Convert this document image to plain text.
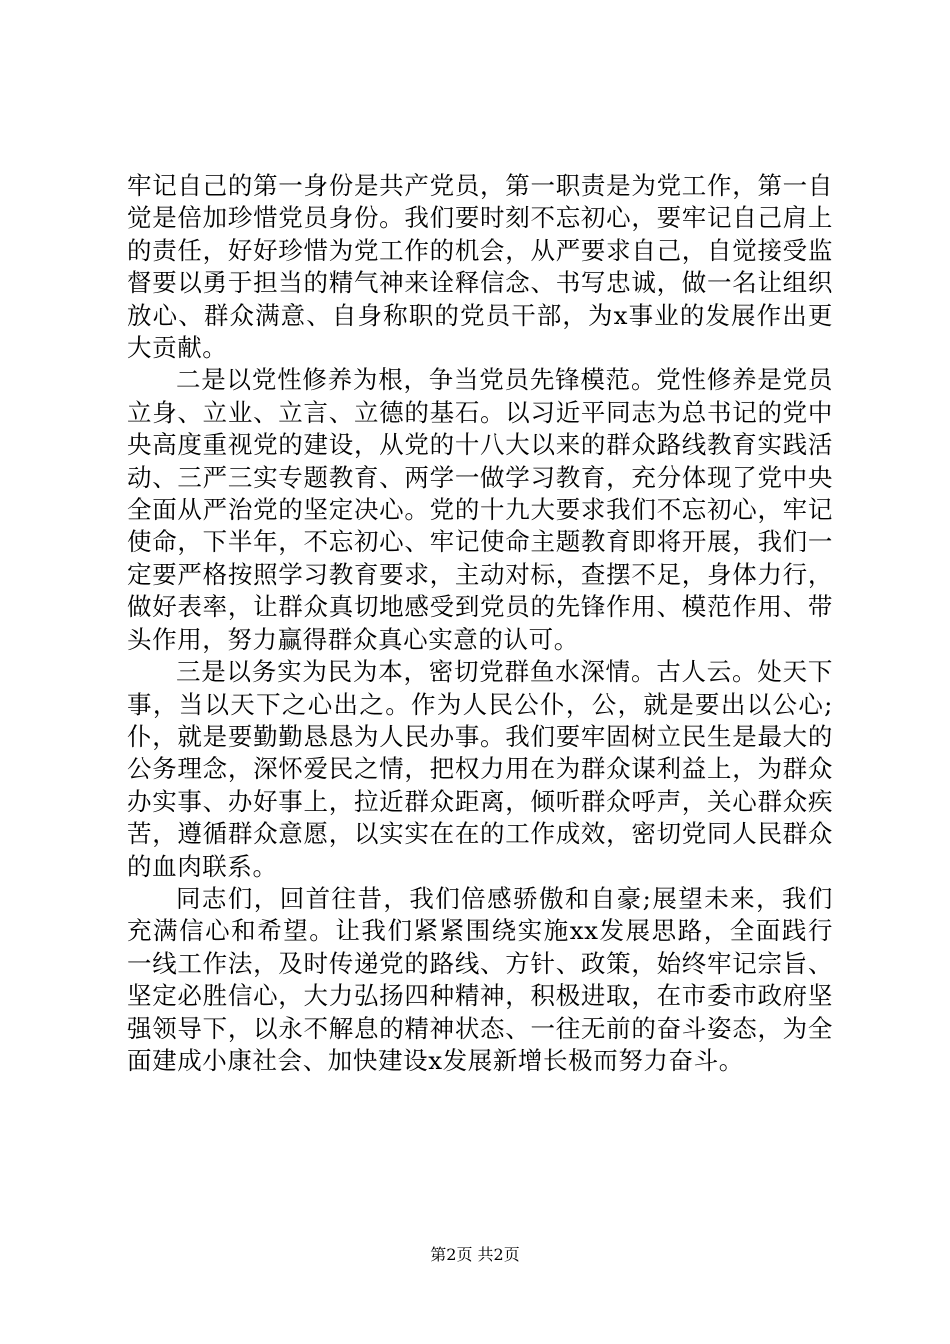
牢记自己的第一身份是共产党员，第一职责是为党工作，第一自觉是倍加珍惜党员身份。我们要时刻不忘初心，要牢记自己肩上的责任，好好珍惜为党工作的机会，从严要求自己，自觉接受监督要以勇于担当的精气神来诠释信念、书写忠诚，做一名让组织放心、群众满意、自身称职的党员干部，为x事业的发展作出更大贡献。

二是以党性修养为根，争当党员先锋模范。党性修养是党员立身、立业、立言、立德的基石。以习近平同志为总书记的党中央高度重视党的建设，从党的十八大以来的群众路线教育实践活动、三严三实专题教育、两学一做学习教育，充分体现了党中央全面从严治党的坚定决心。党的十九大要求我们不忘初心，牢记使命，下半年，不忘初心、牢记使命主题教育即将开展，我们一定要严格按照学习教育要求，主动对标，查摆不足，身体力行，做好表率，让群众真切地感受到党员的先锋作用、模范作用、带头作用，努力赢得群众真心实意的认可。

三是以务实为民为本，密切党群鱼水深情。古人云。处天下事，当以天下之心出之。作为人民公仆，公，就是要出以公心;仆，就是要勤勤恳恳为人民办事。我们要牢固树立民生是最大的公务理念，深怀爱民之情，把权力用在为群众谋利益上，为群众办实事、办好事上，拉近群众距离，倾听群众呼声，关心群众疾苦，遵循群众意愿，以实实在在的工作成效，密切党同人民群众的血肉联系。

同志们，回首往昔，我们倍感骄傲和自豪;展望未来，我们充满信心和希望。让我们紧紧围绕实施xx发展思路，全面践行一线工作法，及时传递党的路线、方针、政策，始终牢记宗旨、坚定必胜信心，大力弘扬四种精神，积极进取，在市委市政府坚强领导下，以永不解息的精神状态、一往无前的奋斗姿态，为全面建成小康社会、加快建设x发展新增长极而努力奋斗。

第2页 共2页
